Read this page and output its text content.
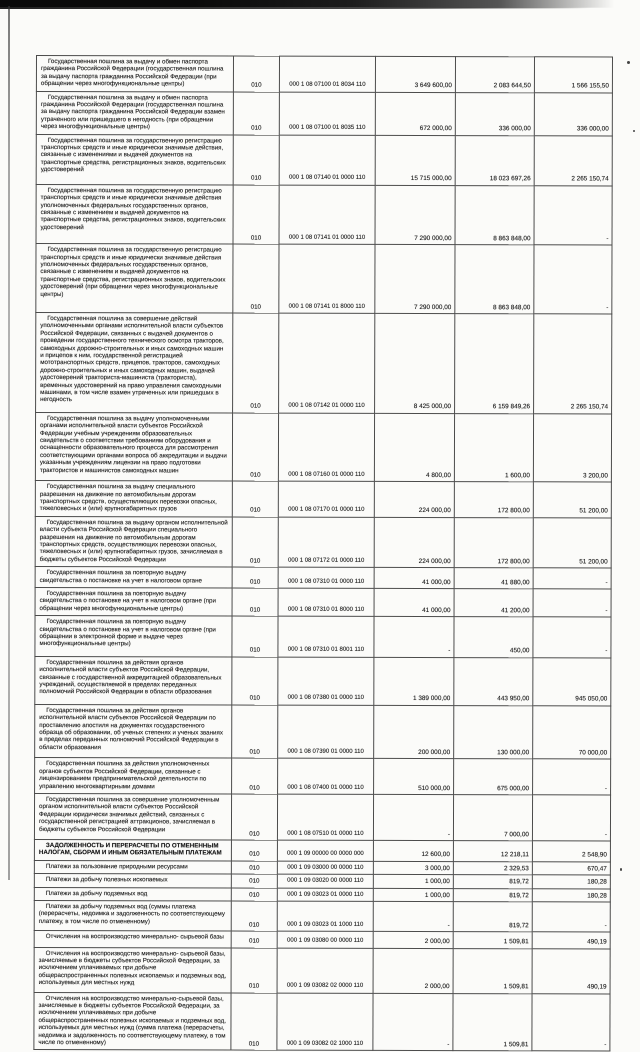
Государственная пошлина за выдачу и обмен паспорта гражданина Российской Федерации (государственная пошлина за выдачу паспорта гражданина Российской Федерации (при обращении через многофункциональные центры)	010	000 1 08 07100 01 8034 110	3 649 600,00	2 083 644,50	1 566 155,50
Государственная пошлина за выдачу и обмен паспорта гражданина Российской Федерации (государственная пошлина за выдачу паспорта гражданина Российской Федерации взамен утраченного или пришедшего в негодность (при обращении через многофункциональные центры)	010	000 1 08 07100 01 8035 110	672 000,00	336 000,00	336 000,00
Государственная пошлина за государственную регистрацию транспортных средств и иные юридически значимые действия, связанные с изменениями и выдачей документов на транспортные средства, регистрационных знаков, водительских удостоверений	010	000 1 08 07140 01 0000 110	15 715 000,00	18 023 697,26	2 265 150,74
Государственная пошлина за государственную регистрацию транспортных средств и иные юридически значимые действия уполномоченных федеральных государственных органов, связанные с изменением и выдачей документов на транспортные средства, регистрационных знаков, водительских удостоверений	010	000 1 08 07141 01 0000 110	7 290 000,00	8 863 848,00	-
Государственная пошлина за государственную регистрацию транспортных средств и иные юридически значимые действия уполномоченных федеральных государственных органов, связанные с изменением и выдачей документов на транспортные средства, регистрационных знаков, водительских удостоверений (при обращении через многофункциональные центры)	010	000 1 08 07141 01 8000 110	7 290 000,00	8 863 848,00	-
Государственная пошлина за совершение действий уполномоченными органами исполнительной власти субъектов Российской Федерации, связанных с выдачей документов о проведении государственного технического осмотра тракторов, самоходных дорожно-строительных и иных самоходных машин и прицепов к ним, государственной регистрацией мототранспортных средств, прицепов, тракторов, самоходных дорожно-строительных и иных самоходных машин, выдачей удостоверений тракториста-машиниста (тракториста), временных удостоверений на право управления самоходными машинами, в том числе взамен утраченных или пришедших в негодность	010	000 1 08 07142 01 0000 110	8 425 000,00	6 159 849,26	2 265 150,74
Государственная пошлина за выдачу уполномоченными органами исполнительной власти субъектов Российской Федерации учебным учреждениям образовательных свидетельств о соответствии требованиям оборудования и оснащенности образовательного процесса для рассмотрения соответствующими органами вопроса об аккредитации и выдачи указанным учреждениям лицензии на право подготовки трактористов и машинистов самоходных машин	010	000 1 08 07160 01 0000 110	4 800,00	1 600,00	3 200,00
Государственная пошлина за выдачу специального разрешения на движение по автомобильным дорогам транспортных средств, осуществляющих перевозки опасных, тяжеловесных и (или) крупногабаритных грузов	010	000 1 08 07170 01 0000 110	224 000,00	172 800,00	51 200,00
Государственная пошлина за выдачу органом исполнительной власти субъекта Российской Федерации специального разрешения на движение по автомобильным дорогам транспортных средств, осуществляющих перевозки опасных, тяжеловесных и (или) крупногабаритных грузов, зачисляемая в бюджеты субъектов Российской Федерации	010	000 1 08 07172 01 0000 110	224 000,00	172 800,00	51 200,00
Государственная пошлина за повторную выдачу свидетельства о постановке на учет в налоговом органе	010	000 1 08 07310 01 0000 110	41 000,00	41 880,00	-
Государственная пошлина за повторную выдачу свидетельства о постановке на учет в налоговом органе (при обращении через многофункциональные центры)	010	000 1 08 07310 01 8000 110	41 000,00	41 200,00	-
Государственная пошлина за повторную выдачу свидетельства о постановке на учет в налоговом органе (при обращении в электронной форме и выдаче через многофункциональные центры)	010	000 1 08 07310 01 8001 110	-	450,00	-
Государственная пошлина за действия органов исполнительной власти субъектов Российской Федерации, связанные с государственной аккредитацией образовательных учреждений, осуществляемой в пределах переданных полномочий Российской Федерации в области образования	010	000 1 08 07380 01 0000 110	1 389 000,00	443 950,00	945 050,00
Государственная пошлина за действия органов исполнительной власти субъектов Российской Федерации по проставлению апостиля на документах государственного образца об образовании, об ученых степенях и ученых званиях в пределах переданных полномочий Российской Федерации в области образования	010	000 1 08 07390 01 0000 110	200 000,00	130 000,00	70 000,00
Государственная пошлина за действия уполномоченных органов субъектов Российской Федерации, связанные с лицензированием предпринимательской деятельности по управлению многоквартирными домами	010	000 1 08 07400 01 0000 110	510 000,00	675 000,00	-
Государственная пошлина за совершение уполномоченным органом исполнительной власти субъектов Российской Федерации юридически значимых действий, связанных с государственной регистрацией аттракционов, зачисляемая в бюджеты субъектов Российской Федерации	010	000 1 08 07510 01 0000 110	-	7 000,00	-
ЗАДОЛЖЕННОСТЬ И ПЕРЕРАСЧЕТЫ ПО ОТМЕНЕННЫМ НАЛОГАМ, СБОРАМ И ИНЫМ ОБЯЗАТЕЛЬНЫМ ПЛАТЕЖАМ	010	000 1 09 00000 00 0000 000	12 600,00	12 218,11	2 548,90
Платежи за пользование природными ресурсами	010	000 1 09 03000 00 0000 110	3 000,00	2 329,53	670,47
Платежи за добычу полезных ископаемых	010	000 1 09 03020 00 0000 110	1 000,00	819,72	180,28
Платежи за добычу подземных вод	010	000 1 09 03023 01 0000 110	1 000,00	819,72	180,28
Платежи за добычу подземных вод (суммы платежа (перерасчеты, недоимка и задолженность по соответствующему платежу, в том числе по отмененному)	010	000 1 09 03023 01 1000 110	-	819,72	-
Отчисления на воспроизводство минерально- сырьевой базы	010	000 1 09 03080 00 0000 110	2 000,00	1 509,81	490,19
Отчисления на воспроизводство минерально- сырьевой базы, зачисляемые в бюджеты субъектов Российской Федерации, за исключением уплачиваемых при добыче общераспространенных полезных ископаемых и подземных вод, используемых для местных нужд	010	000 1 09 03082 02 0000 110	2 000,00	1 509,81	490,19
Отчисления на воспроизводство минерально-сырьевой базы, зачисляемые в бюджеты субъектов Российской Федерации, за исключением уплачиваемых при добыче общераспространенных полезных ископаемых и подземных вод, используемых для местных нужд (сумма платежа (перерасчеты, недоимка и задолженность по соответствующему платежу, в том числе по отмененному)	010	000 1 09 03082 02 1000 110	-	1 509,81	-
